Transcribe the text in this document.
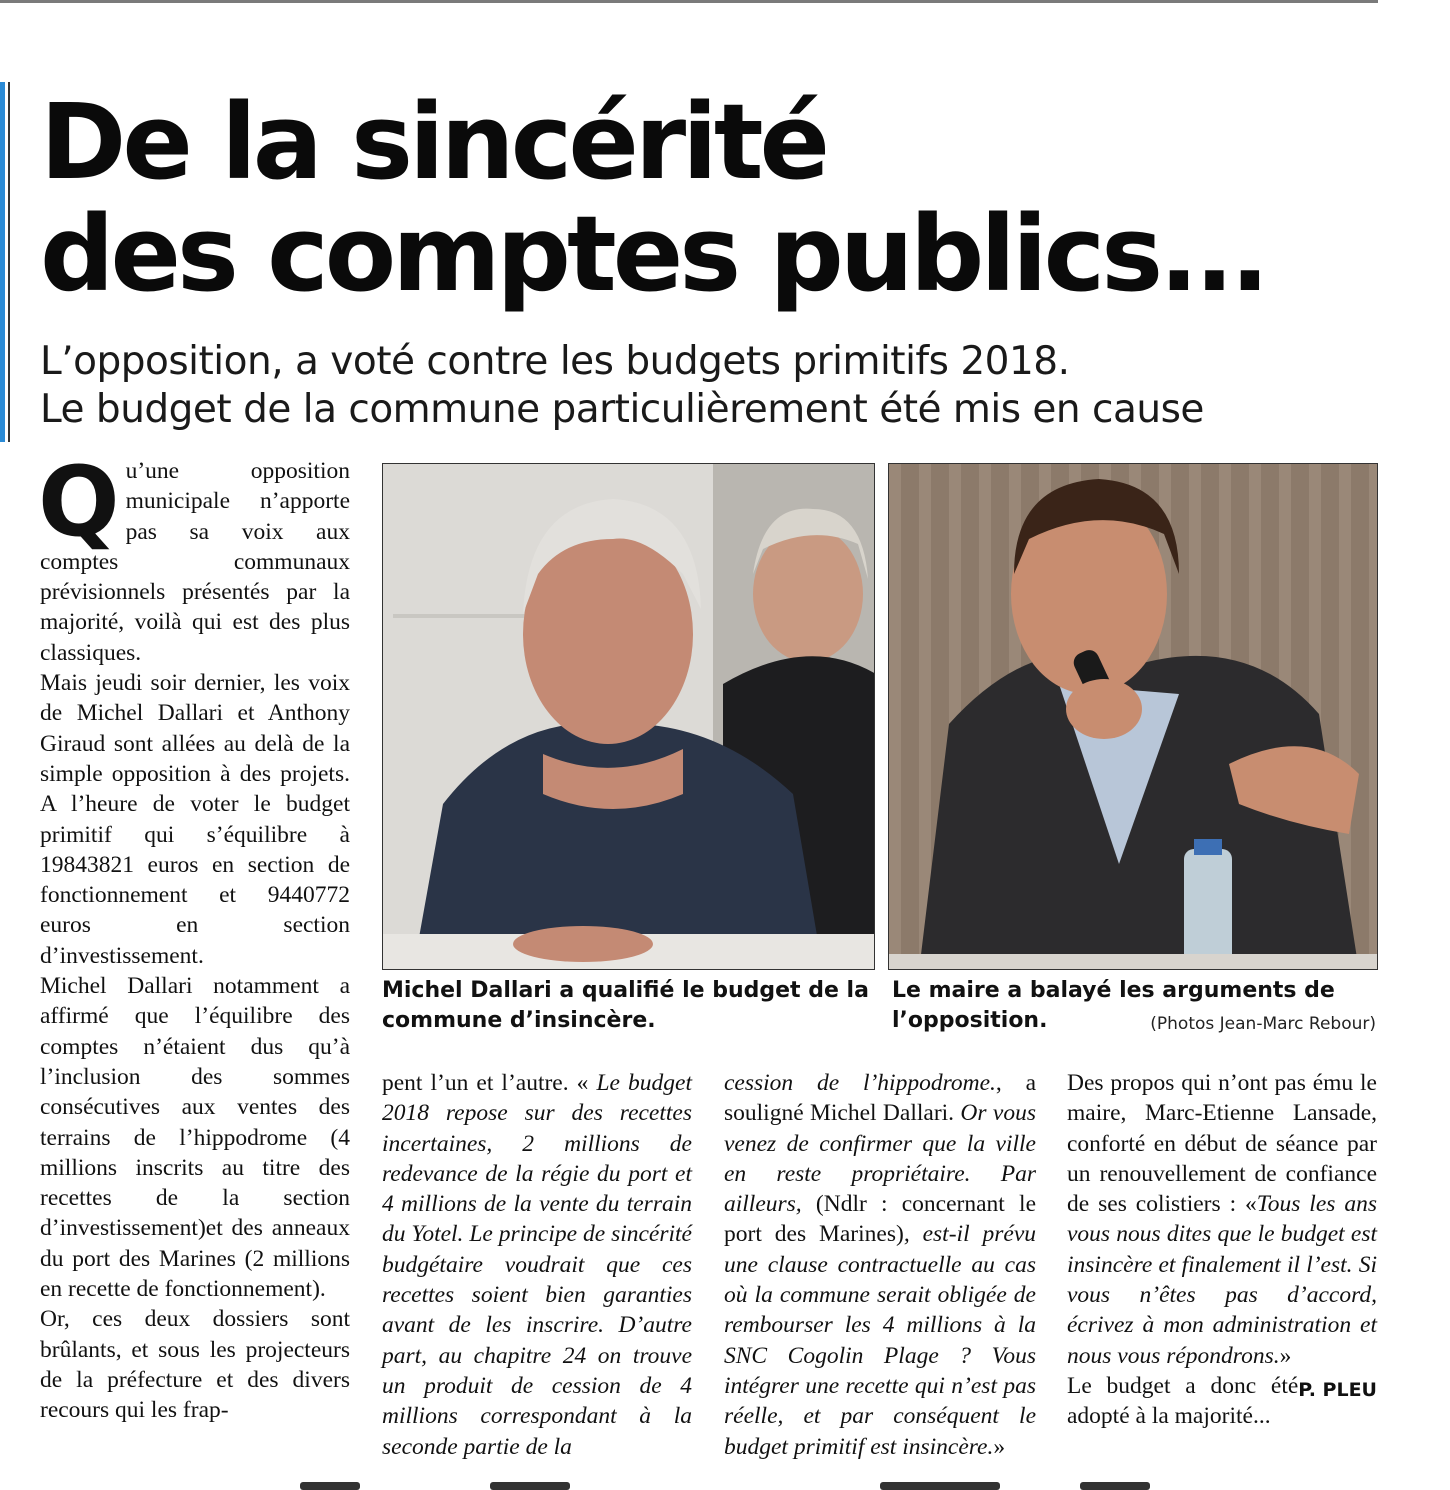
De la sincérité
des comptes publics...
L’opposition, a voté contre les budgets primitifs 2018.
Le budget de la commune particulièrement été mis en cause

Qu’une opposition municipale n’apporte pas sa voix aux comptes communaux prévisionnels présentés par la majorité, voilà qui est des plus classiques.

Mais jeudi soir dernier, les voix de Michel Dallari et Anthony Giraud sont allées au delà de la simple opposition à des projets. A l’heure de voter le budget primitif qui s’équilibre à 19843821 euros en section de fonctionnement et 9440772 euros en section d’investissement.

Michel Dallari notamment a affirmé que l’équilibre des comptes n’étaient dus qu’à l’inclusion des sommes consécutives aux ventes des terrains de l’hippodrome (4 millions inscrits au titre des recettes de la section d’investissement)et des anneaux du port des Marines (2 millions en recette de fonctionnement).

Or, ces deux dossiers sont brûlants, et sous les projecteurs de la préfecture et des divers recours qui les frap-

Michel Dallari a qualifié le budget de la commune d’insincère.

Le maire a balayé les arguments de l’opposition.	(Photos Jean-Marc Rebour)

pent l’un et l’autre. « Le budget 2018 repose sur des recettes incertaines, 2 millions de redevance de la régie du port et 4 millions de la vente du terrain du Yotel. Le principe de sincérité budgétaire voudrait que ces recettes soient bien garanties avant de les inscrire. D’autre part, au chapitre 24 on trouve un produit de cession de 4 millions correspondant à la seconde partie de la

cession de l’hippodrome., a souligné Michel Dallari. Or vous venez de confirmer que la ville en reste propriétaire. Par ailleurs, (Ndlr : concernant le port des Marines), est-il prévu une clause contractuelle au cas où la commune serait obligée de rembourser les 4 millions à la SNC Cogolin Plage ? Vous intégrer une recette qui n’est pas réelle, et par conséquent le budget primitif est insincère.»

Des propos qui n’ont pas ému le maire, Marc-Etienne Lansade, conforté en début de séance par un renouvellement de confiance de ses colistiers : «Tous les ans vous nous dites que le budget est insincère et finalement il l’est. Si vous n’êtes pas d’accord, écrivez à mon administration et nous vous répondrons.»

P. PLEU
Le budget a donc été adopté à la majorité...
